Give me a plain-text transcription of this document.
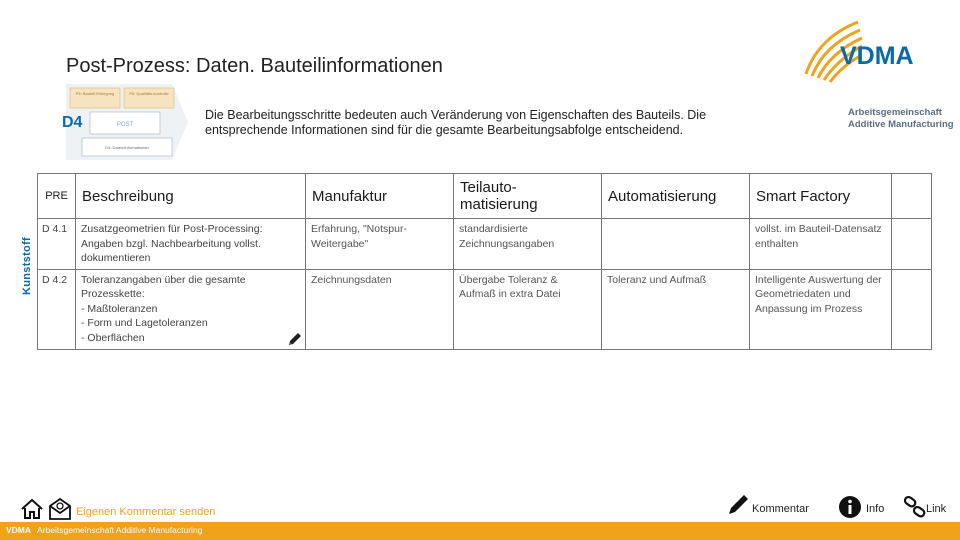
Post-Prozess: Daten. Bauteilinformationen
P4: Bauteil-Einlegung	P5: Qualitäts-kontrolle
POST
D4: Daten/Informationen
D4	Die Bearbeitungsschritte bedeuten auch Veränderung von Eigenschaften des Bauteils. Die entsprechende Informationen sind für die gesamte Bearbeitungsabfolge entscheidend.
VDMA
Arbeitsgemeinschaft
Additive Manufacturing
Kunststoff
PRE	Beschreibung	Manufaktur	Teilauto-
matisierung	Automatisierung	Smart Factory	
D 4.1	Zusatzgeometrien für Post-Processing: Angaben bzgl. Nachbearbeitung vollst. dokumentieren	Erfahrung, "Notspur-Weitergabe"	standardisierte Zeichnungsangaben		vollst. im Bauteil-Datensatz enthalten	
D 4.2	Toleranzangaben über die gesamte Prozesskette:
- Maßtoleranzen
- Form und Lagetoleranzen
- Oberflächen	Zeichnungsdaten	Übergabe Toleranz & Aufmaß in extra Datei	Toleranz und Aufmaß	Intelligente Auswertung der Geometriedaten und Anpassung im Prozess	
Eigenen Kommentar senden	Kommentar	Info	Link
VDMA Arbeitsgemeinschaft Additive Manufacturing
